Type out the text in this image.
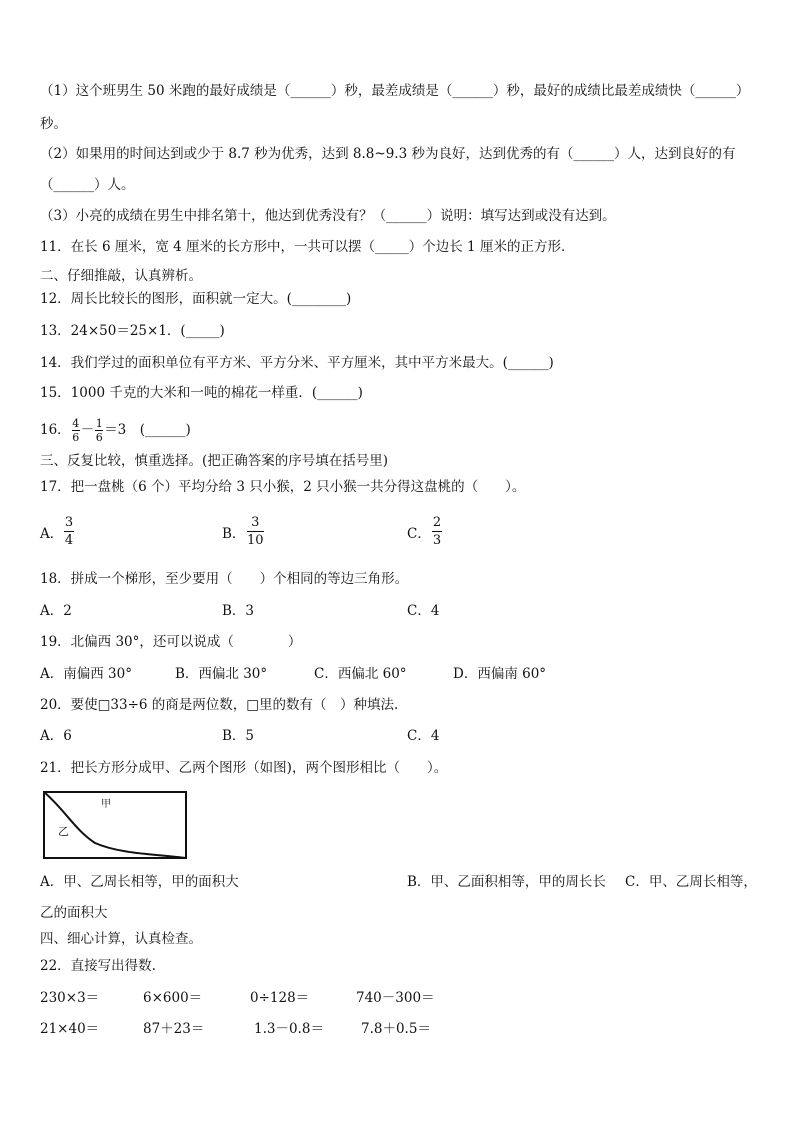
（1）这个班男生 50 米跑的最好成绩是（______）秒，最差成绩是（______）秒，最好的成绩比最差成绩快（______）
秒。
（2）如果用的时间达到或少于 8.7 秒为优秀，达到 8.8~9.3 秒为良好，达到优秀的有（______）人，达到良好的有
（______）人。
（3）小亮的成绩在男生中排名第十，他达到优秀没有？（______）说明：填写达到或没有达到。
11．在长 6 厘米，宽 4 厘米的长方形中，一共可以摆（_____）个边长 1 厘米的正方形．
二、仔细推敲，认真辨析。
12．周长比较长的图形，面积就一定大。(________)
13．24×50＝25×1．(_____)
14．我们学过的面积单位有平方米、平方分米、平方厘米，其中平方米最大。(______)
15．1000 千克的大米和一吨的棉花一样重．(______)
16． 4
6 － 1
6 ＝3　(______)
三、反复比较，慎重选择。(把正确答案的序号填在括号里)
17．把一盘桃（6 个）平均分给 3 只小猴，2 只小猴一共分得这盘桃的（　　）。
A．
3
4	B．
3
10	C．
2
3
18．拼成一个梯形，至少要用（　　）个相同的等边三角形。
A．2	B．3	C．4
19．北偏西 30°，还可以说成（　　　　）
A．南偏西 30°	B．西偏北 30°	C．西偏北 60°	D．西偏南 60°
20．要使□33÷6 的商是两位数，□里的数有（　）种填法.
A．6	B．5	C．4
21．把长方形分成甲、乙两个图形（如图)，两个图形相比（　　）。
甲
乙
A．甲、乙周长相等，甲的面积大	B．甲、乙面积相等，甲的周长长 C．甲、乙周长相等，
乙的面积大
四、细心计算，认真检查。
22．直接写出得数.
230×3＝	6×600＝	0÷128＝	740－300＝
21×40＝	87＋23＝	1.3－0.8＝	7.8＋0.5＝
